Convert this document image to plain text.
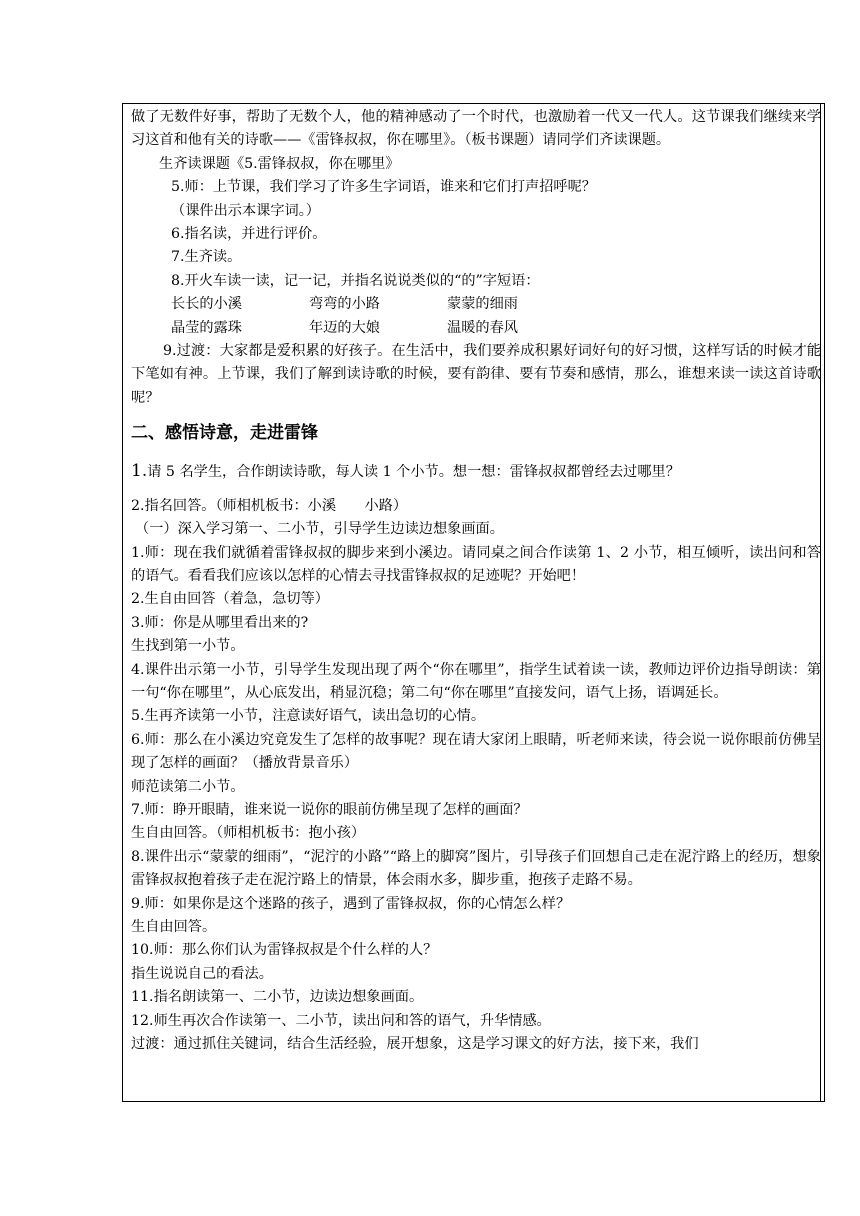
做了无数件好事，帮助了无数个人，他的精神感动了一个时代，也激励着一代又一代人。这节课我们继续来学习这首和他有关的诗歌——《雷锋叔叔，你在哪里》。（板书课题）请同学们齐读课题。

生齐读课题《5.雷锋叔叔，你在哪里》

5.师：上节课，我们学习了许多生字词语，谁来和它们打声招呼呢？

（课件出示本课字词。）

6.指名读，并进行评价。

7.生齐读。

8.开火车读一读，记一记，并指名说说类似的“的”字短语：

长长的小溪	弯弯的小路	蒙蒙的细雨
晶莹的露珠	年迈的大娘	温暖的春风

9.过渡：大家都是爱积累的好孩子。在生活中，我们要养成积累好词好句的好习惯，这样写话的时候才能下笔如有神。上节课，我们了解到读诗歌的时候，要有韵律、要有节奏和感情，那么，谁想来读一读这首诗歌呢？

二、感悟诗意，走进雷锋

1.请 5 名学生，合作朗读诗歌，每人读 1 个小节。想一想：雷锋叔叔都曾经去过哪里？

2.指名回答。（师相机板书：小溪　　小路）

（一）深入学习第一、二小节，引导学生边读边想象画面。

1.师：现在我们就循着雷锋叔叔的脚步来到小溪边。请同桌之间合作读第 1、2 小节，相互倾听，读出问和答的语气。看看我们应该以怎样的心情去寻找雷锋叔叔的足迹呢？开始吧！

2.生自由回答（着急，急切等）

3.师：你是从哪里看出来的?

生找到第一小节。

4.课件出示第一小节，引导学生发现出现了两个“你在哪里”，指学生试着读一读，教师边评价边指导朗读：第一句“你在哪里”，从心底发出，稍显沉稳；第二句“你在哪里”直接发问，语气上扬，语调延长。

5.生再齐读第一小节，注意读好语气，读出急切的心情。

6.师：那么在小溪边究竟发生了怎样的故事呢？现在请大家闭上眼睛，听老师来读，待会说一说你眼前仿佛呈现了怎样的画面？（播放背景音乐）

师范读第二小节。

7.师：睁开眼睛，谁来说一说你的眼前仿佛呈现了怎样的画面？

生自由回答。（师相机板书：抱小孩）

8.课件出示“蒙蒙的细雨”，“泥泞的小路”“路上的脚窝”图片，引导孩子们回想自己走在泥泞路上的经历，想象雷锋叔叔抱着孩子走在泥泞路上的情景，体会雨水多，脚步重，抱孩子走路不易。

9.师：如果你是这个迷路的孩子，遇到了雷锋叔叔，你的心情怎么样？

生自由回答。

10.师：那么你们认为雷锋叔叔是个什么样的人？

指生说说自己的看法。

11.指名朗读第一、二小节，边读边想象画面。

12.师生再次合作读第一、二小节，读出问和答的语气，升华情感。

过渡：通过抓住关键词，结合生活经验，展开想象，这是学习课文的好方法，接下来，我们
